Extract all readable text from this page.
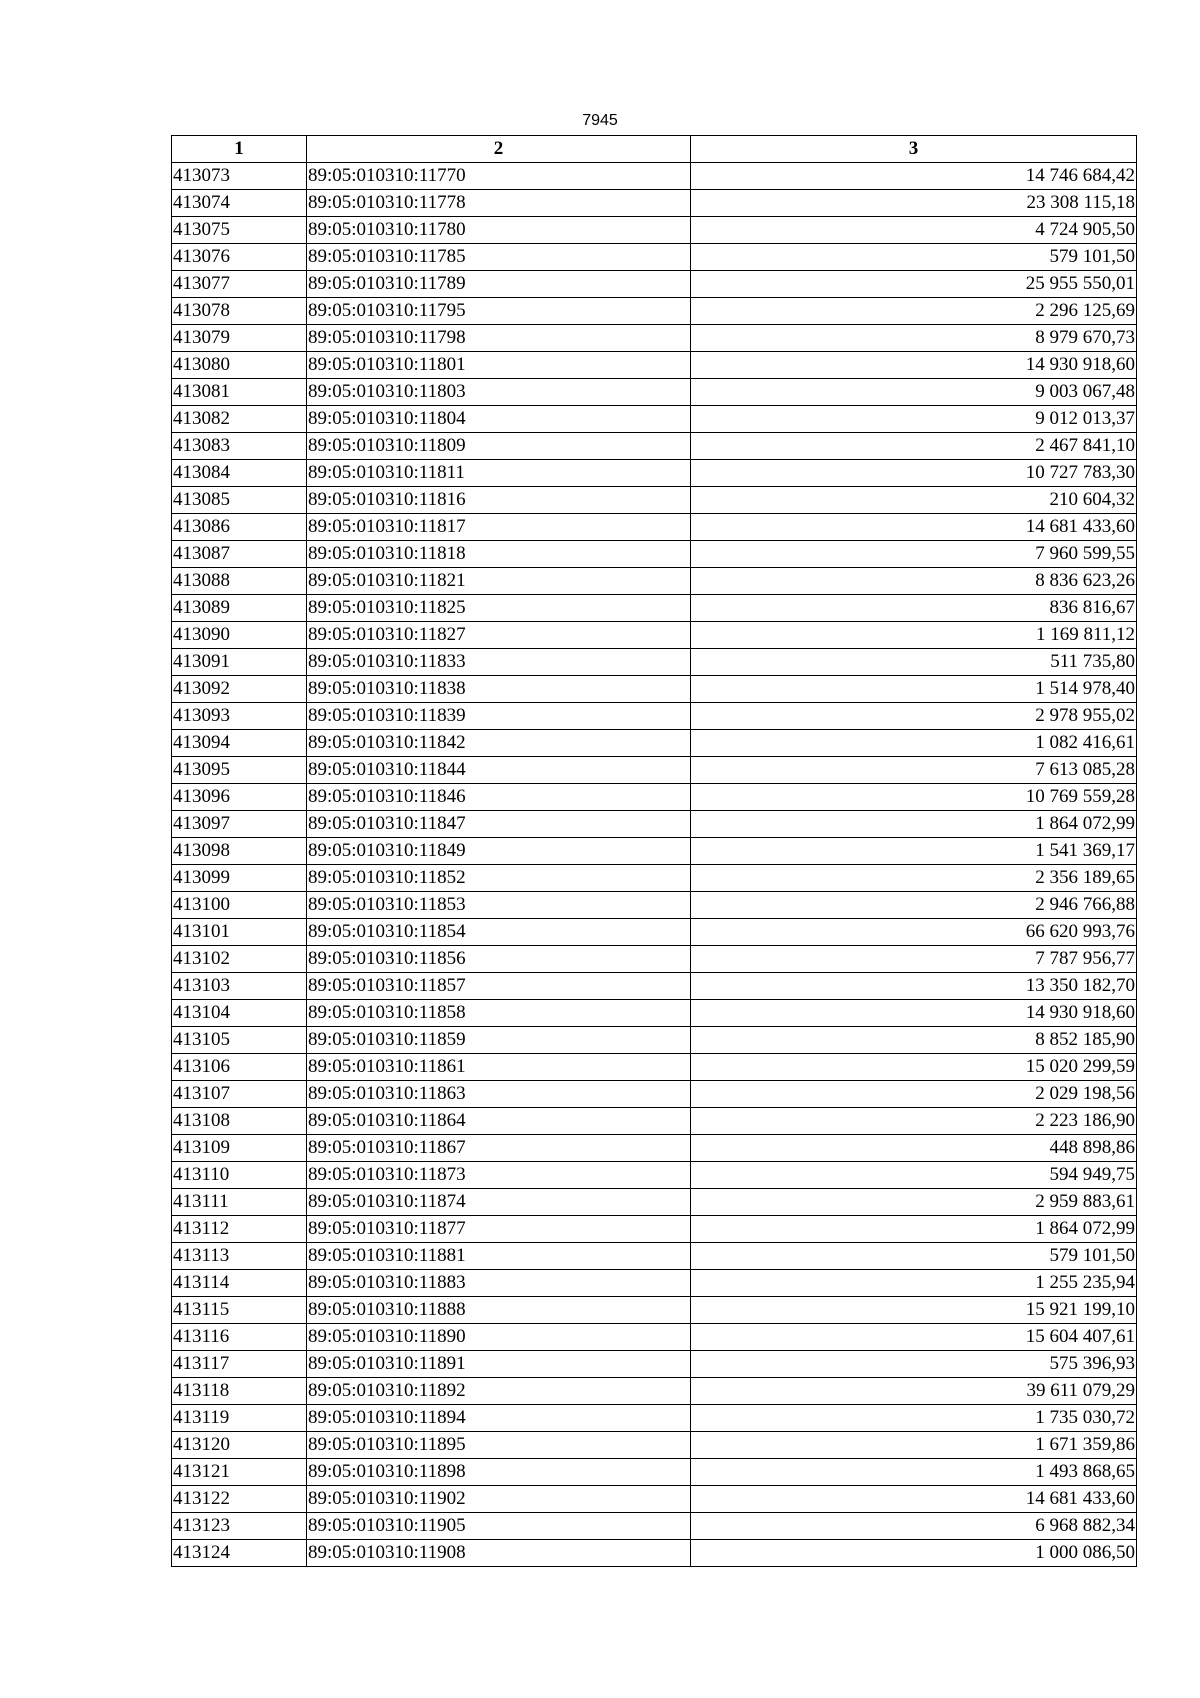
7945
1	2	3
413073	89:05:010310:11770	14 746 684,42
413074	89:05:010310:11778	23 308 115,18
413075	89:05:010310:11780	4 724 905,50
413076	89:05:010310:11785	579 101,50
413077	89:05:010310:11789	25 955 550,01
413078	89:05:010310:11795	2 296 125,69
413079	89:05:010310:11798	8 979 670,73
413080	89:05:010310:11801	14 930 918,60
413081	89:05:010310:11803	9 003 067,48
413082	89:05:010310:11804	9 012 013,37
413083	89:05:010310:11809	2 467 841,10
413084	89:05:010310:11811	10 727 783,30
413085	89:05:010310:11816	210 604,32
413086	89:05:010310:11817	14 681 433,60
413087	89:05:010310:11818	7 960 599,55
413088	89:05:010310:11821	8 836 623,26
413089	89:05:010310:11825	836 816,67
413090	89:05:010310:11827	1 169 811,12
413091	89:05:010310:11833	511 735,80
413092	89:05:010310:11838	1 514 978,40
413093	89:05:010310:11839	2 978 955,02
413094	89:05:010310:11842	1 082 416,61
413095	89:05:010310:11844	7 613 085,28
413096	89:05:010310:11846	10 769 559,28
413097	89:05:010310:11847	1 864 072,99
413098	89:05:010310:11849	1 541 369,17
413099	89:05:010310:11852	2 356 189,65
413100	89:05:010310:11853	2 946 766,88
413101	89:05:010310:11854	66 620 993,76
413102	89:05:010310:11856	7 787 956,77
413103	89:05:010310:11857	13 350 182,70
413104	89:05:010310:11858	14 930 918,60
413105	89:05:010310:11859	8 852 185,90
413106	89:05:010310:11861	15 020 299,59
413107	89:05:010310:11863	2 029 198,56
413108	89:05:010310:11864	2 223 186,90
413109	89:05:010310:11867	448 898,86
413110	89:05:010310:11873	594 949,75
413111	89:05:010310:11874	2 959 883,61
413112	89:05:010310:11877	1 864 072,99
413113	89:05:010310:11881	579 101,50
413114	89:05:010310:11883	1 255 235,94
413115	89:05:010310:11888	15 921 199,10
413116	89:05:010310:11890	15 604 407,61
413117	89:05:010310:11891	575 396,93
413118	89:05:010310:11892	39 611 079,29
413119	89:05:010310:11894	1 735 030,72
413120	89:05:010310:11895	1 671 359,86
413121	89:05:010310:11898	1 493 868,65
413122	89:05:010310:11902	14 681 433,60
413123	89:05:010310:11905	6 968 882,34
413124	89:05:010310:11908	1 000 086,50
